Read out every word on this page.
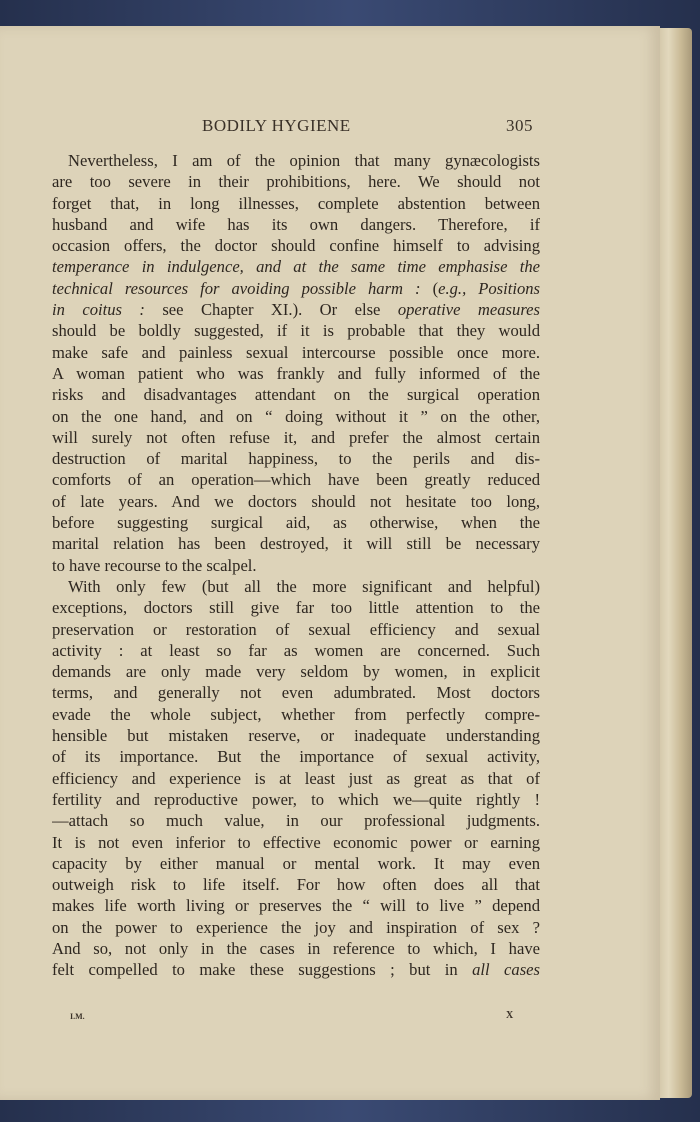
BODILY HYGIENE	305
Nevertheless, I am of the opinion that many gynæcologists
are too severe in their prohibitions, here. We should not
forget that, in long illnesses, complete abstention between
husband and wife has its own dangers. Therefore, if
occasion offers, the doctor should confine himself to advising
temperance in indulgence, and at the same time emphasise the
technical resources for avoiding possible harm : (e.g., Positions
in coitus : see Chapter XI.). Or else operative measures
should be boldly suggested, if it is probable that they would
make safe and painless sexual intercourse possible once more.
A woman patient who was frankly and fully informed of the
risks and disadvantages attendant on the surgical operation
on the one hand, and on “ doing without it ” on the other,
will surely not often refuse it, and prefer the almost certain
destruction of marital happiness, to the perils and dis-
comforts of an operation—which have been greatly reduced
of late years. And we doctors should not hesitate too long,
before suggesting surgical aid, as otherwise, when the
marital relation has been destroyed, it will still be necessary
to have recourse to the scalpel.
With only few (but all the more significant and helpful)
exceptions, doctors still give far too little attention to the
preservation or restoration of sexual efficiency and sexual
activity : at least so far as women are concerned. Such
demands are only made very seldom by women, in explicit
terms, and generally not even adumbrated. Most doctors
evade the whole subject, whether from perfectly compre-
hensible but mistaken reserve, or inadequate understanding
of its importance. But the importance of sexual activity,
efficiency and experience is at least just as great as that of
fertility and reproductive power, to which we—quite rightly !
—attach so much value, in our professional judgments.
It is not even inferior to effective economic power or earning
capacity by either manual or mental work. It may even
outweigh risk to life itself. For how often does all that
makes life worth living or preserves the “ will to live ” depend
on the power to experience the joy and inspiration of sex ?
And so, not only in the cases in reference to which, I have
felt compelled to make these suggestions ; but in all cases
I.M.	X
